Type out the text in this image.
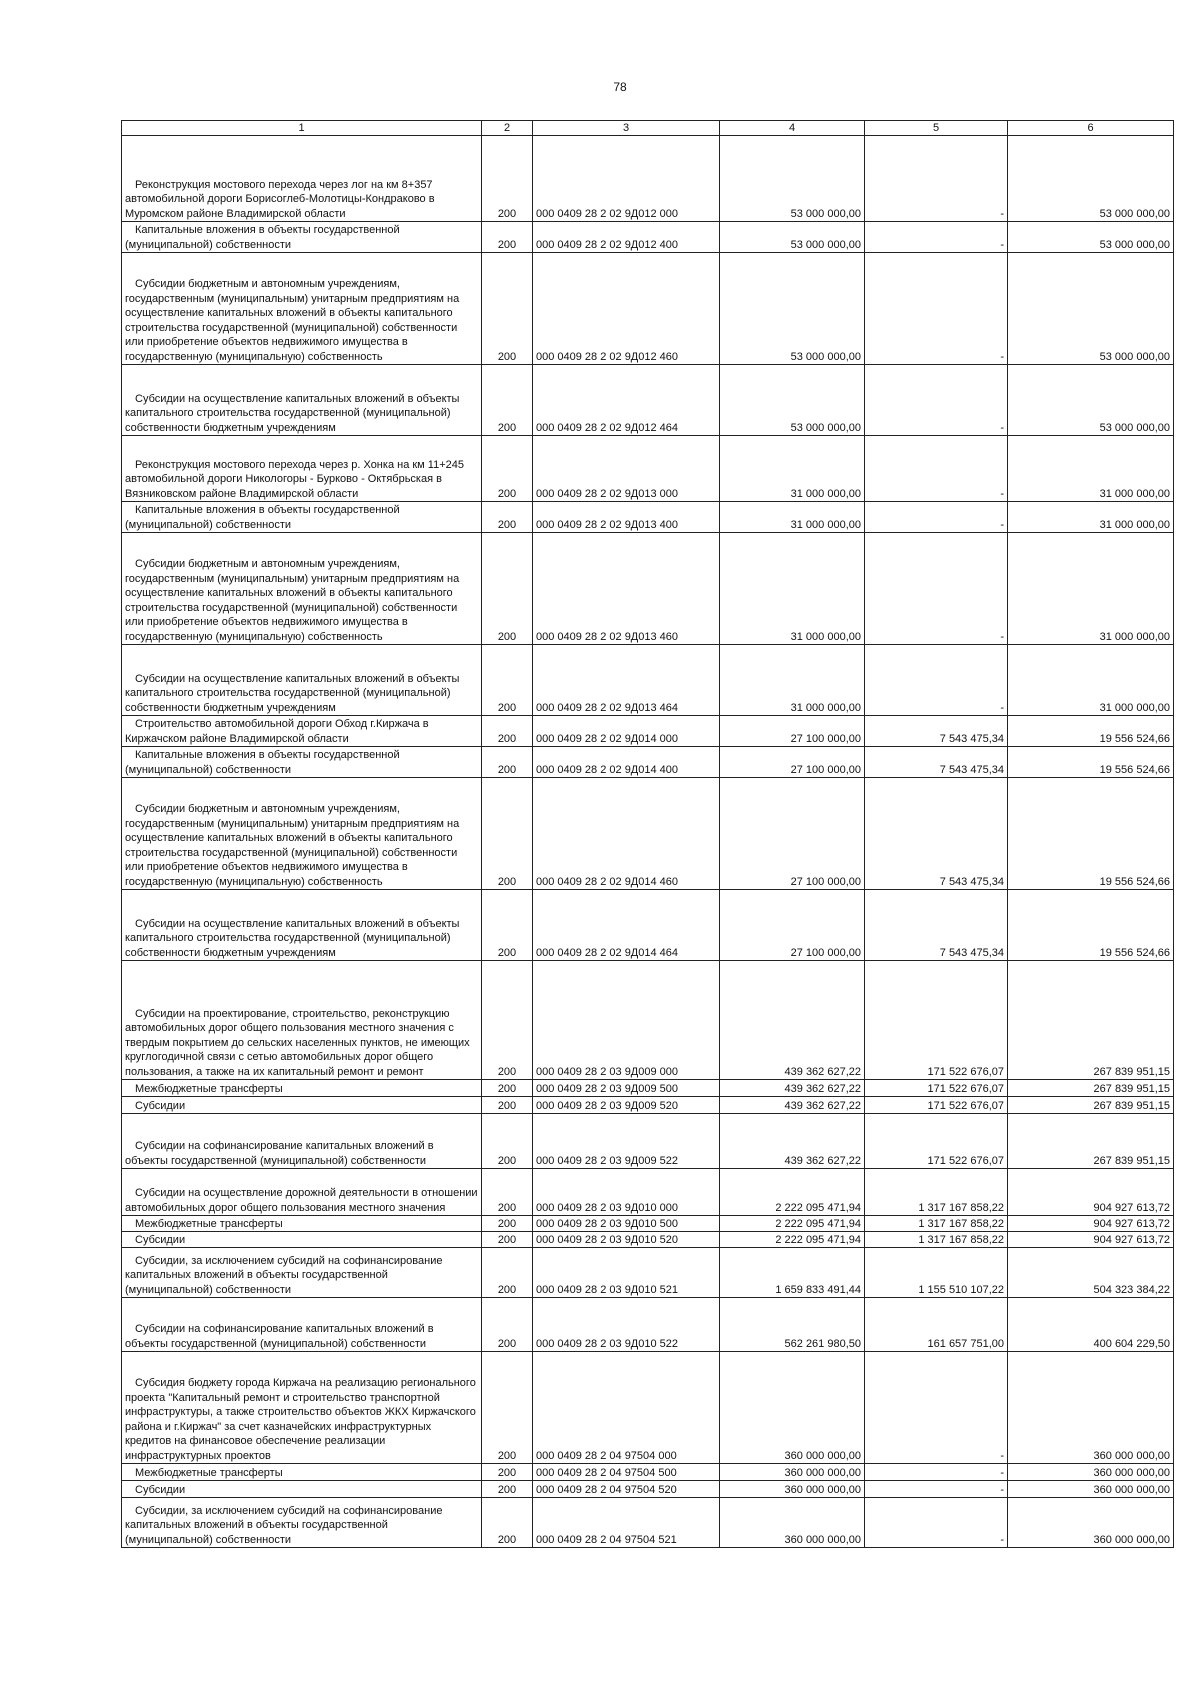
78
1	2	3	4	5	6

Реконструкция мостового перехода через лог на км 8+357 автомобильной дороги Борисоглеб-Молотицы-Кондраково в Муромском районе Владимирской области	200	000 0409 28 2 02 9Д012 000	53 000 000,00	-	53 000 000,00

Капитальные вложения в объекты государственной (муниципальной) собственности	200	000 0409 28 2 02 9Д012 400	53 000 000,00	-	53 000 000,00

Субсидии бюджетным и автономным учреждениям, государственным (муниципальным) унитарным предприятиям на осуществление капитальных вложений в объекты капитального строительства государственной (муниципальной) собственности или приобретение объектов недвижимого имущества в государственную (муниципальную) собственность	200	000 0409 28 2 02 9Д012 460	53 000 000,00	-	53 000 000,00

Субсидии на осуществление капитальных вложений в объекты капитального строительства государственной (муниципальной) собственности бюджетным учреждениям	200	000 0409 28 2 02 9Д012 464	53 000 000,00	-	53 000 000,00

Реконструкция мостового перехода через р. Хонка на км 11+245 автомобильной дороги Никологоры - Бурково - Октябрьская в Вязниковском районе Владимирской области	200	000 0409 28 2 02 9Д013 000	31 000 000,00	-	31 000 000,00

Капитальные вложения в объекты государственной (муниципальной) собственности	200	000 0409 28 2 02 9Д013 400	31 000 000,00	-	31 000 000,00

Субсидии бюджетным и автономным учреждениям, государственным (муниципальным) унитарным предприятиям на осуществление капитальных вложений в объекты капитального строительства государственной (муниципальной) собственности или приобретение объектов недвижимого имущества в государственную (муниципальную) собственность	200	000 0409 28 2 02 9Д013 460	31 000 000,00	-	31 000 000,00

Субсидии на осуществление капитальных вложений в объекты капитального строительства государственной (муниципальной) собственности бюджетным учреждениям	200	000 0409 28 2 02 9Д013 464	31 000 000,00	-	31 000 000,00

Строительство автомобильной дороги Обход г.Киржача в Киржачском районе Владимирской области	200	000 0409 28 2 02 9Д014 000	27 100 000,00	7 543 475,34	19 556 524,66

Капитальные вложения в объекты государственной (муниципальной) собственности	200	000 0409 28 2 02 9Д014 400	27 100 000,00	7 543 475,34	19 556 524,66

Субсидии бюджетным и автономным учреждениям, государственным (муниципальным) унитарным предприятиям на осуществление капитальных вложений в объекты капитального строительства государственной (муниципальной) собственности или приобретение объектов недвижимого имущества в государственную (муниципальную) собственность	200	000 0409 28 2 02 9Д014 460	27 100 000,00	7 543 475,34	19 556 524,66

Субсидии на осуществление капитальных вложений в объекты капитального строительства государственной (муниципальной) собственности бюджетным учреждениям	200	000 0409 28 2 02 9Д014 464	27 100 000,00	7 543 475,34	19 556 524,66

Субсидии на проектирование, строительство, реконструкцию автомобильных дорог общего пользования местного значения с твердым покрытием до сельских населенных пунктов, не имеющих круглогодичной связи с сетью автомобильных дорог общего пользования, а также на их капитальный ремонт и ремонт	200	000 0409 28 2 03 9Д009 000	439 362 627,22	171 522 676,07	267 839 951,15

Межбюджетные трансферты	200	000 0409 28 2 03 9Д009 500	439 362 627,22	171 522 676,07	267 839 951,15

Субсидии	200	000 0409 28 2 03 9Д009 520	439 362 627,22	171 522 676,07	267 839 951,15

Субсидии на софинансирование капитальных вложений в объекты государственной (муниципальной) собственности	200	000 0409 28 2 03 9Д009 522	439 362 627,22	171 522 676,07	267 839 951,15

Субсидии на осуществление дорожной деятельности в отношении автомобильных дорог общего пользования местного значения	200	000 0409 28 2 03 9Д010 000	2 222 095 471,94	1 317 167 858,22	904 927 613,72

Межбюджетные трансферты	200	000 0409 28 2 03 9Д010 500	2 222 095 471,94	1 317 167 858,22	904 927 613,72

Субсидии	200	000 0409 28 2 03 9Д010 520	2 222 095 471,94	1 317 167 858,22	904 927 613,72

Субсидии, за исключением субсидий на софинансирование капитальных вложений в объекты государственной (муниципальной) собственности	200	000 0409 28 2 03 9Д010 521	1 659 833 491,44	1 155 510 107,22	504 323 384,22

Субсидии на софинансирование капитальных вложений в объекты государственной (муниципальной) собственности	200	000 0409 28 2 03 9Д010 522	562 261 980,50	161 657 751,00	400 604 229,50

Субсидия бюджету города Киржача на реализацию регионального проекта "Капитальный ремонт и строительство транспортной инфраструктуры, а также строительство объектов ЖКХ Киржачского района и г.Киржач" за счет казначейских инфраструктурных кредитов на финансовое обеспечение реализации инфраструктурных проектов	200	000 0409 28 2 04 97504 000	360 000 000,00	-	360 000 000,00

Межбюджетные трансферты	200	000 0409 28 2 04 97504 500	360 000 000,00	-	360 000 000,00

Субсидии	200	000 0409 28 2 04 97504 520	360 000 000,00	-	360 000 000,00

Субсидии, за исключением субсидий на софинансирование капитальных вложений в объекты государственной (муниципальной) собственности	200	000 0409 28 2 04 97504 521	360 000 000,00	-	360 000 000,00
